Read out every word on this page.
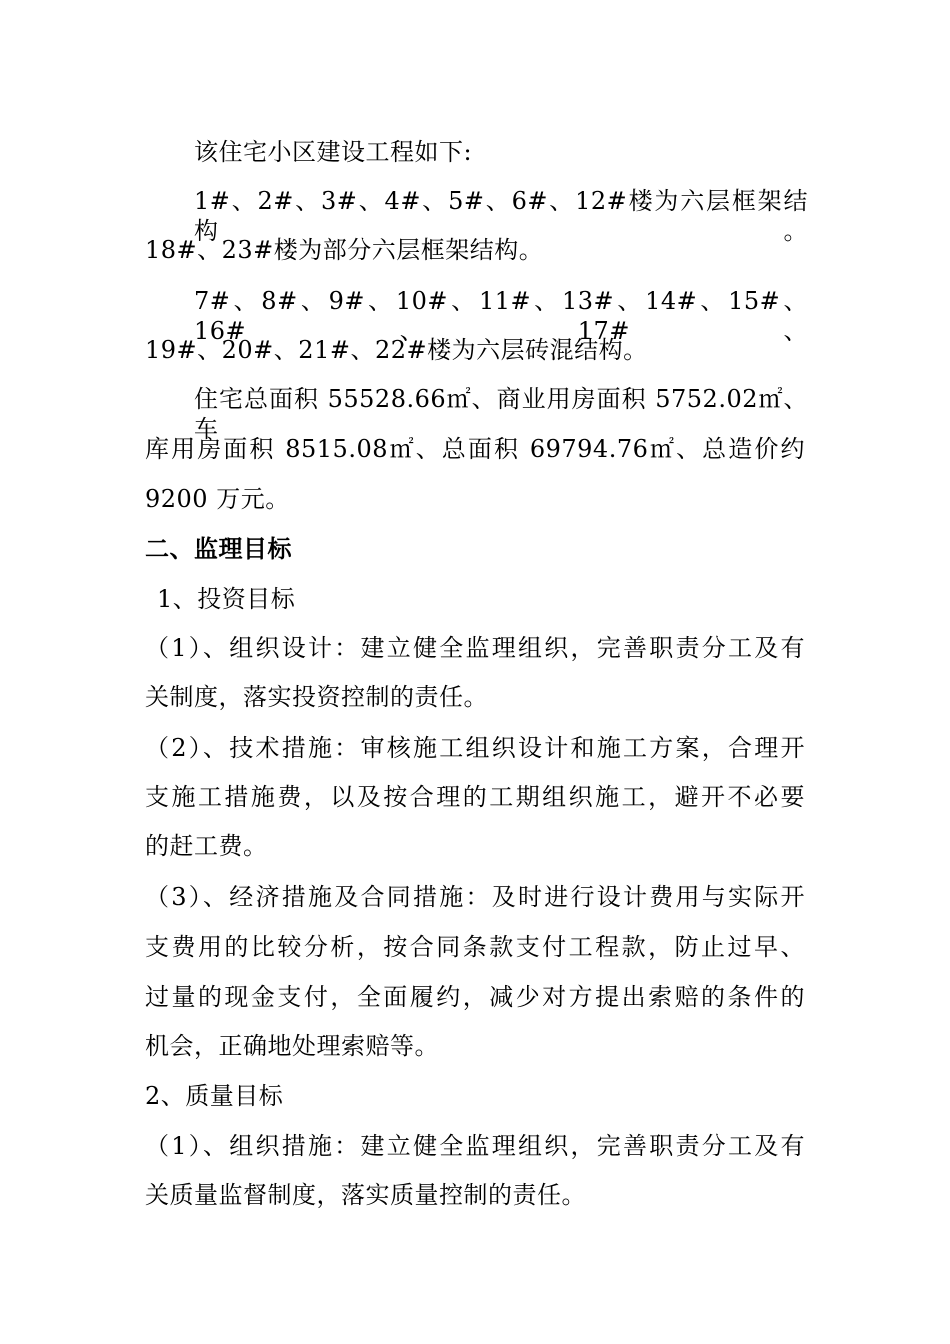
该住宅小区建设工程如下:
1#、2#、3#、4#、5#、6#、12#楼为六层框架结构。
18#、23#楼为部分六层框架结构。
7#、8#、9#、10#、11#、13#、14#、15#、16#、17#、
19#、20#、21#、22#楼为六层砖混结构。
住宅总面积 55528.66㎡、商业用房面积 5752.02㎡、车
库用房面积 8515.08㎡、总面积 69794.76㎡、总造价约
9200 万元。
二、监理目标
1、投资目标
（1）、组织设计：建立健全监理组织，完善职责分工及有
关制度，落实投资控制的责任。
（2）、技术措施：审核施工组织设计和施工方案，合理开
支施工措施费，以及按合理的工期组织施工，避开不必要
的赶工费。
（3）、经济措施及合同措施：及时进行设计费用与实际开
支费用的比较分析，按合同条款支付工程款，防止过早、
过量的现金支付，全面履约，减少对方提出索赔的条件的
机会，正确地处理索赔等。
2、质量目标
（1）、组织措施：建立健全监理组织，完善职责分工及有
关质量监督制度，落实质量控制的责任。
